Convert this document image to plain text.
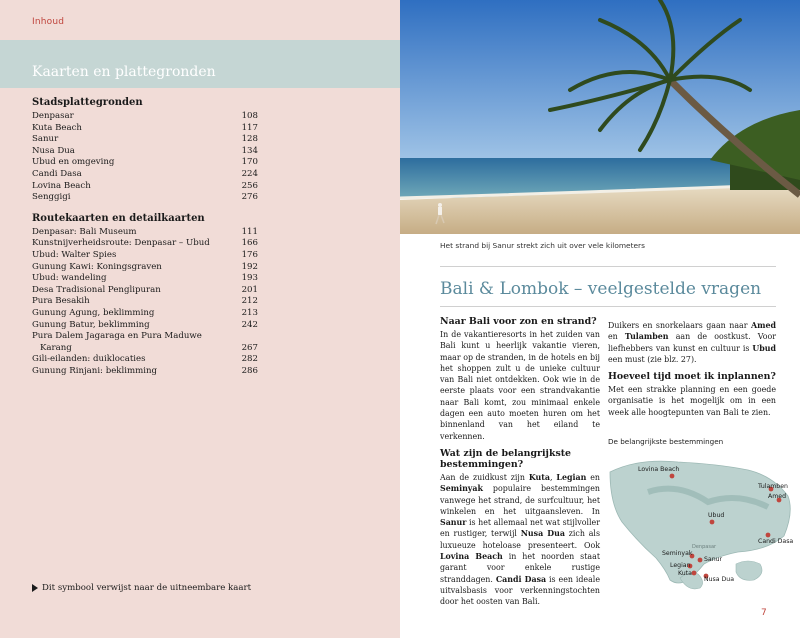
Inhoud
Kaarten en plattegronden
Stadsplattegronden
Denpasar	108
Kuta Beach	117
Sanur	128
Nusa Dua	134
Ubud en omgeving	170
Candi Dasa	224
Lovina Beach	256
Senggigi	276
Routekaarten en detailkaarten
Denpasar: Bali Museum	111
Kunstnijverheidsroute: Denpasar – Ubud	166
Ubud: Walter Spies	176
Gunung Kawi: Koningsgraven	192
Ubud: wandeling	193
Desa Tradisional Penglipuran	201
Pura Besakih	212
Gunung Agung, beklimming	213
Gunung Batur, beklimming	242
Pura Dalem Jagaraga en Pura Maduwe
Karang	267
Gili-eilanden: duiklocaties	282
Gunung Rinjani: beklimming	286
Dit symbool verwijst naar de uitneembare kaart
Het strand bij Sanur strekt zich uit over vele kilometers
Bali & Lombok – veelgestelde vragen
Naar Bali voor zon en strand?

In de vakantieresorts in het zuiden van Bali kunt u heerlijk vakantie vieren, maar op de stranden, in de hotels en bij het shoppen zult u de unieke cultuur van Bali niet ontdekken. Ook wie in de eerste plaats voor een strandvakantie naar Bali komt, zou minimaal enkele dagen een auto moeten huren om het binnenland van het eiland te verkennen.

Wat zijn de belangrijkste bestemmingen?

Aan de zuidkust zijn Kuta, Legian en Seminyak populaire bestemmingen vanwege het strand, de surfcultuur, het winkelen en het uitgaansleven. In Sanur is het allemaal net wat stijlvoller en rustiger, terwijl Nusa Dua zich als luxueuze hoteloase presenteert. Ook Lovina Beach in het noorden staat garant voor enkele rustige stranddagen. Candi Dasa is een ideale uitvalsbasis voor verkenningstochten door het oosten van Bali.

Duikers en snorkelaars gaan naar Amed en Tulamben aan de oostkust. Voor liefhebbers van kunst en cultuur is Ubud een must (zie blz. 27).

Hoeveel tijd moet ik inplannen?

Met een strakke planning en een goede organisatie is het mogelijk om in een week alle hoogtepunten van Bali te zien.

De belangrijkste bestemmingen
Lovina Beach
Tulamben
Amed
Ubud
Candi Dasa
Denpasar
Seminyak
Sanur
Legian
Kuta
Nusa Dua
7
